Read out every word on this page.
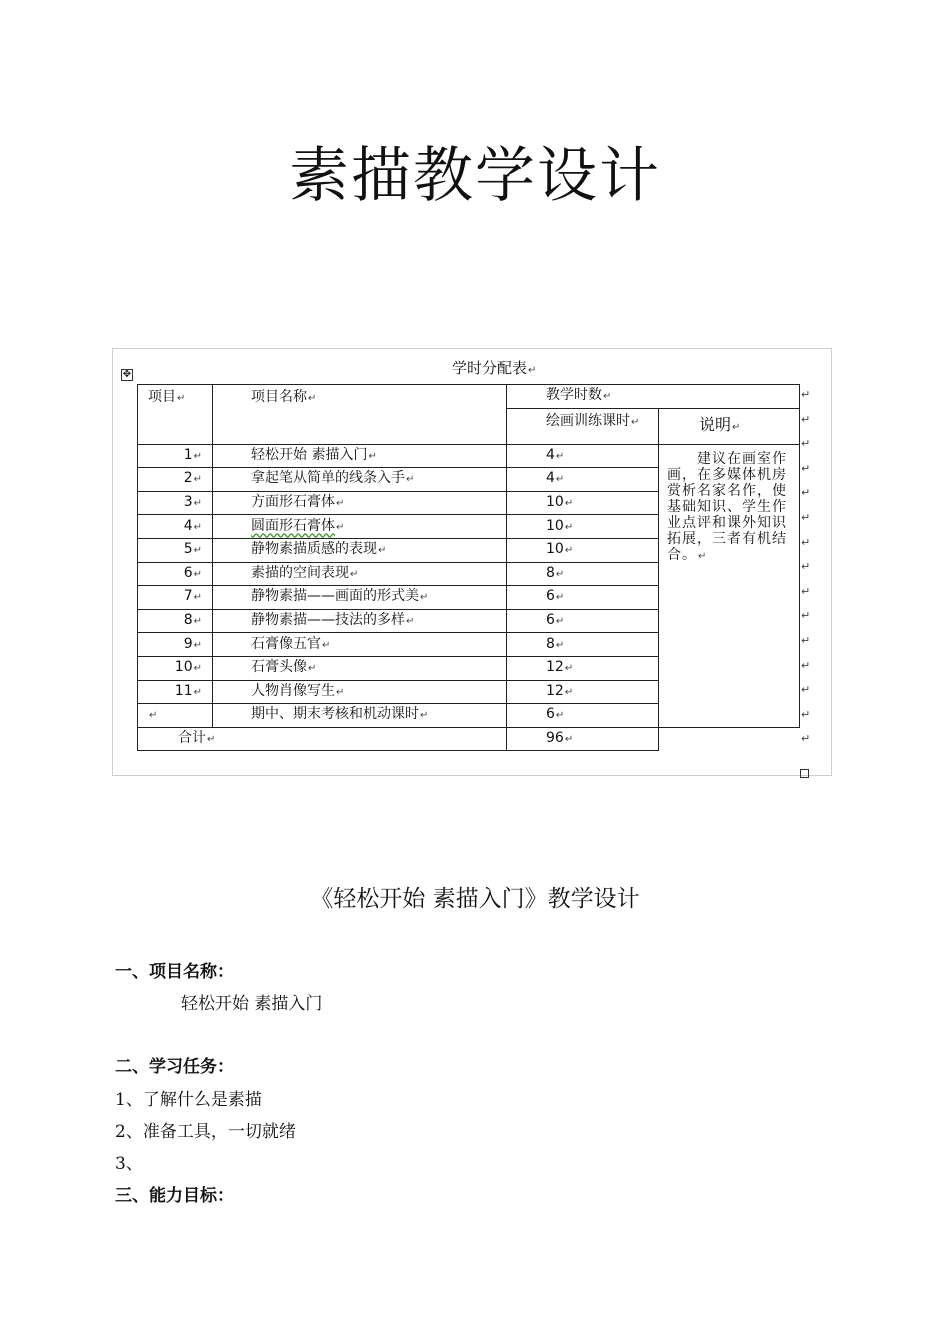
素描教学设计
✥	学时分配表↵
项目↵	项目名称↵	教学时数↵	
		绘画训练课时↵	说明↵
1↵	轻松开始 素描入门↵	4↵	建议在画室作画，在多媒体机房赏析名家名作，使基础知识、学生作业点评和课外知识拓展，三者有机结合。↵
2↵	拿起笔从简单的线条入手↵	4↵	
3↵	方面形石膏体↵	10↵	
4↵	圆面形石膏体↵	10↵	
5↵	静物素描质感的表现↵	10↵	
6↵	素描的空间表现↵	8↵	
7↵	静物素描——画面的形式美↵	6↵	
8↵	静物素描——技法的多样↵	6↵	
9↵	石膏像五官↵	8↵	
10↵	石膏头像↵	12↵	
11↵	人物肖像写生↵	12↵	
↵	期中、期末考核和机动课时↵	6↵	
合计↵		96↵	
↵
↵
↵
↵
↵
↵
↵
↵
↵
↵
↵
↵
↵
↵
↵
《轻松开始 素描入门》教学设计
一、项目名称：
轻松开始 素描入门
二、学习任务：
1、了解什么是素描
2、准备工具，一切就绪
3、
三、能力目标：
